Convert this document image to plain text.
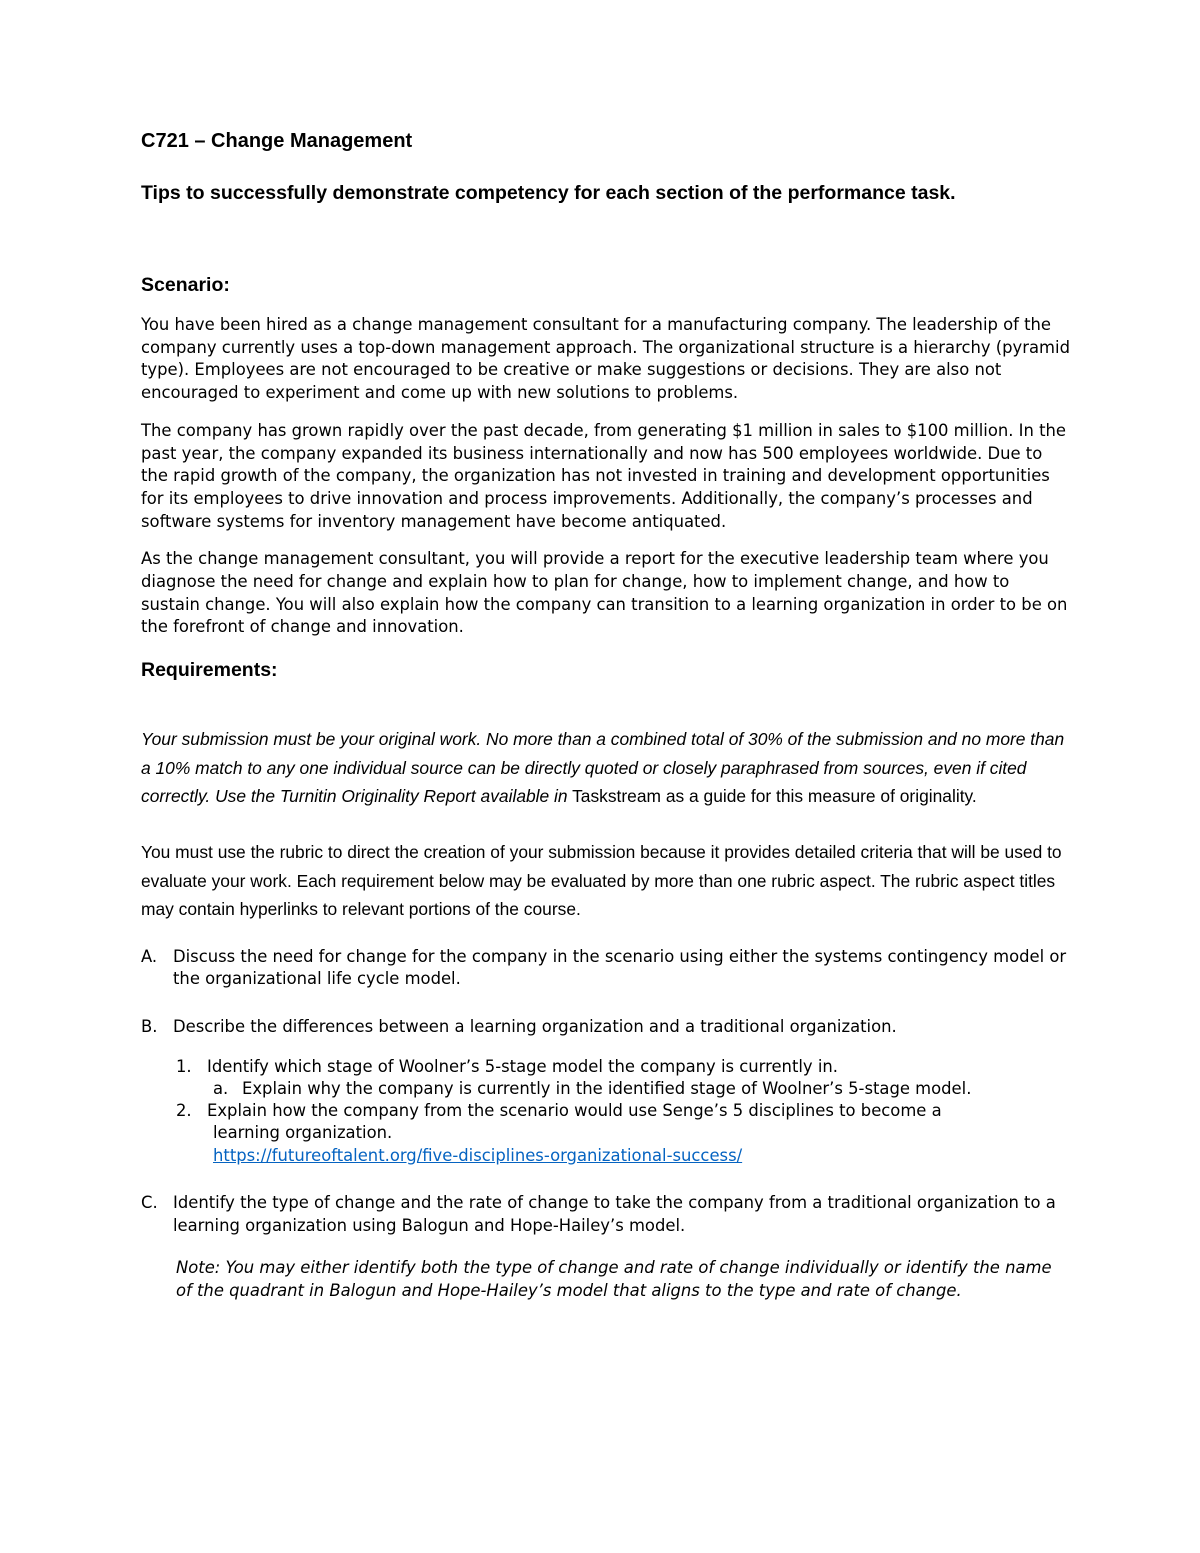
C721 – Change Management
Tips to successfully demonstrate competency for each section of the performance task.
Scenario:

You have been hired as a change management consultant for a manufacturing company. The leadership of the company currently uses a top-down management approach. The organizational structure is a hierarchy (pyramid type). Employees are not encouraged to be creative or make suggestions or decisions. They are also not encouraged to experiment and come up with new solutions to problems.

The company has grown rapidly over the past decade, from generating $1 million in sales to $100 million. In the past year, the company expanded its business internationally and now has 500 employees worldwide. Due to the rapid growth of the company, the organization has not invested in training and development opportunities for its employees to drive innovation and process improvements. Additionally, the company’s processes and software systems for inventory management have become antiquated.

As the change management consultant, you will provide a report for the executive leadership team where you diagnose the need for change and explain how to plan for change, how to implement change, and how to sustain change. You will also explain how the company can transition to a learning organization in order to be on the forefront of change and innovation.

Requirements:

Your submission must be your original work. No more than a combined total of 30% of the submission and no more than a 10% match to any one individual source can be directly quoted or closely paraphrased from sources, even if cited correctly. Use the Turnitin Originality Report available in Taskstream as a guide for this measure of originality.

You must use the rubric to direct the creation of your submission because it provides detailed criteria that will be used to evaluate your work. Each requirement below may be evaluated by more than one rubric aspect. The rubric aspect titles may contain hyperlinks to relevant portions of the course.

A. Discuss the need for change for the company in the scenario using either the systems contingency model or the organizational life cycle model.
B. Describe the differences between a learning organization and a traditional organization.
1. Identify which stage of Woolner’s 5-stage model the company is currently in.
a. Explain why the company is currently in the identified stage of Woolner’s 5-stage model.
2. Explain how the company from the scenario would use Senge’s 5 disciplines to become a
learning organization.
https://futureoftalent.org/five-disciplines-organizational-success/
C. Identify the type of change and the rate of change to take the company from a traditional organization to a learning organization using Balogun and Hope-Hailey’s model.

Note: You may either identify both the type of change and rate of change individually or identify the name of the quadrant in Balogun and Hope-Hailey’s model that aligns to the type and rate of change.
